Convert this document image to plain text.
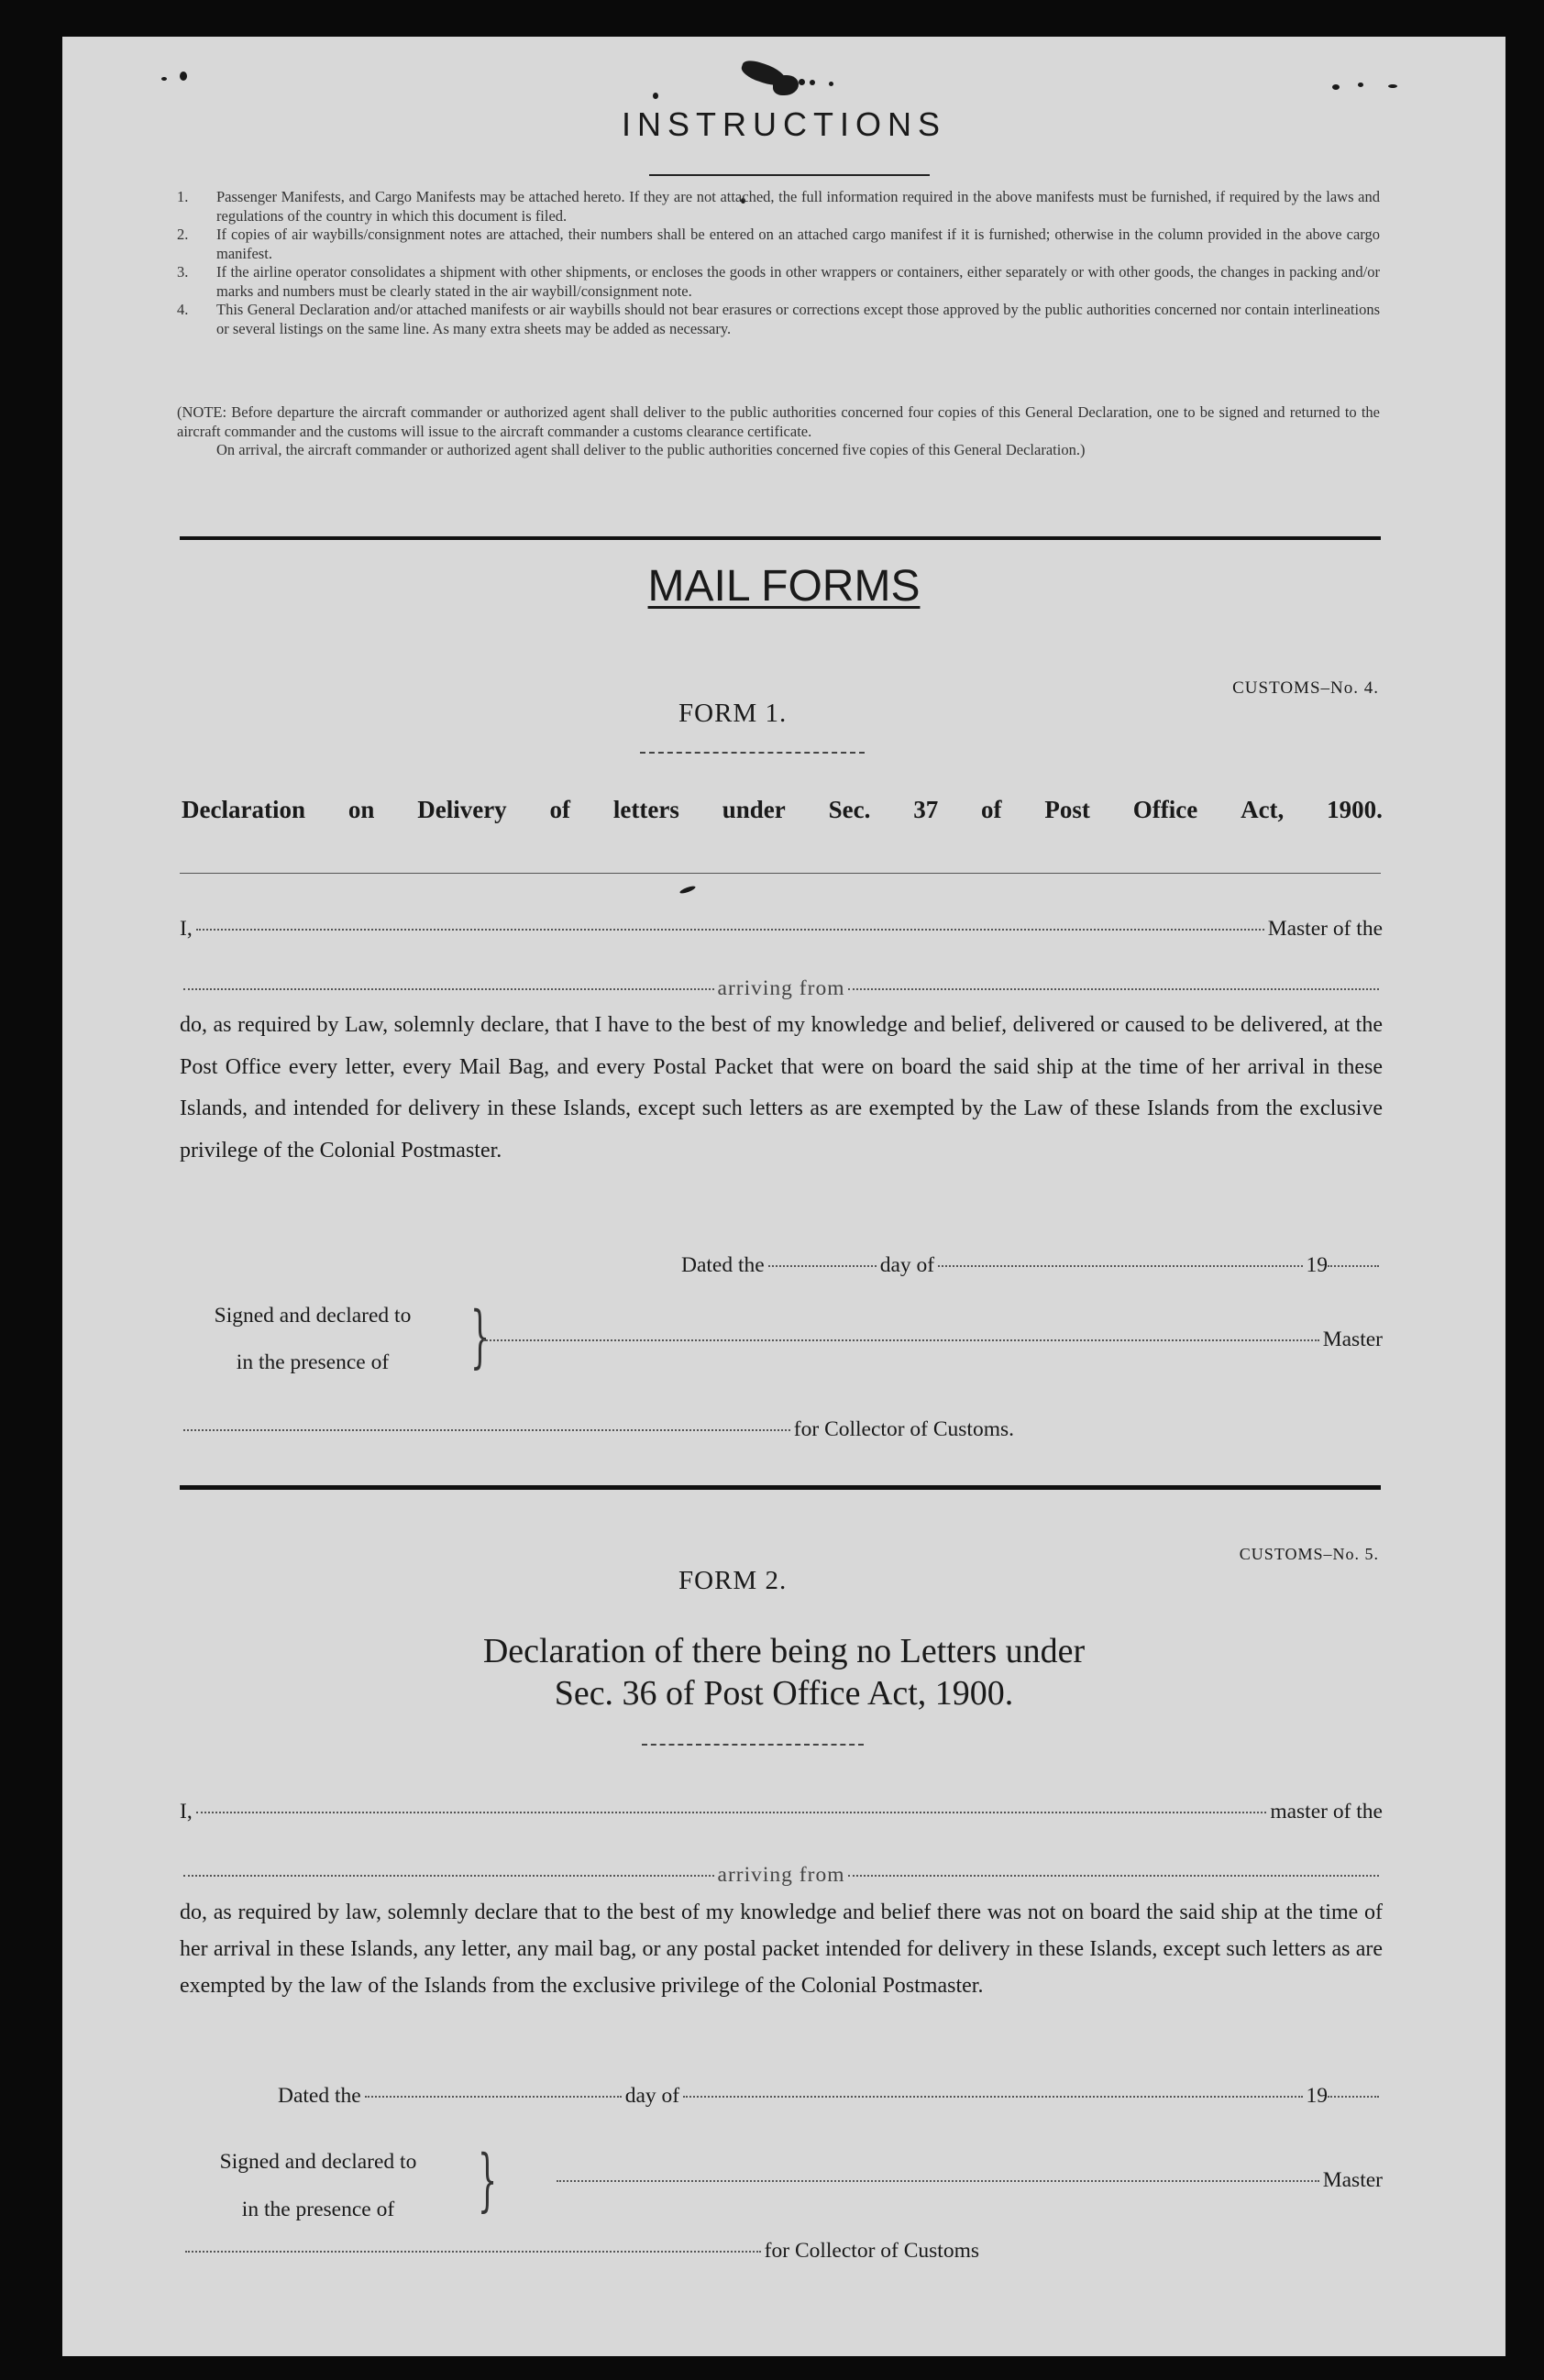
INSTRUCTIONS
1.	Passenger Manifests, and Cargo Manifests may be attached hereto. If they are not attached, the full information required in the above manifests must be furnished, if required by the laws and regulations of the country in which this document is filed.
2.	If copies of air waybills/consignment notes are attached, their numbers shall be entered on an attached cargo manifest if it is furnished; otherwise in the column provided in the above cargo manifest.
3.	If the airline operator consolidates a shipment with other shipments, or encloses the goods in other wrappers or containers, either separately or with other goods, the changes in packing and/or marks and numbers must be clearly stated in the air waybill/consignment note.
4.	This General Declaration and/or attached manifests or air waybills should not bear erasures or corrections except those approved by the public authorities concerned nor contain interlineations or several listings on the same line. As many extra sheets may be added as necessary.
(NOTE: Before departure the aircraft commander or authorized agent shall deliver to the public authorities concerned four copies of this General Declaration, one to be signed and returned to the aircraft commander and the customs will issue to the aircraft commander a customs clearance certificate.
On arrival, the aircraft commander or authorized agent shall deliver to the public authorities concerned five copies of this General Declaration.)
MAIL FORMS
CUSTOMS–No. 4.
FORM 1.
Declaration on Delivery of letters under Sec. 37 of Post Office Act, 1900.
I,	Master of the
arriving from
do, as required by Law, solemnly declare, that I have to the best of my knowledge and belief, delivered or caused to be delivered, at the Post Office every letter, every Mail Bag, and every Postal Packet that were on board the said ship at the time of her arrival in these Islands, and intended for delivery in these Islands, except such letters as are exempted by the Law of these Islands from the exclusive privilege of the Colonial Postmaster.
Dated the	day of	19
Signed and declared to
in the presence of	}	Master
for Collector of Customs.
CUSTOMS–No. 5.
FORM 2.
Declaration of there being no Letters under
Sec. 36 of Post Office Act, 1900.
I,	master of the
arriving from
do, as required by law, solemnly declare that to the best of my knowledge and belief there was not on board the said ship at the time of her arrival in these Islands, any letter, any mail bag, or any postal packet intended for delivery in these Islands, except such letters as are exempted by the law of the Islands from the exclusive privilege of the Colonial Postmaster.
Dated the	day of	19
Signed and declared to
in the presence of	}	Master
for Collector of Customs
